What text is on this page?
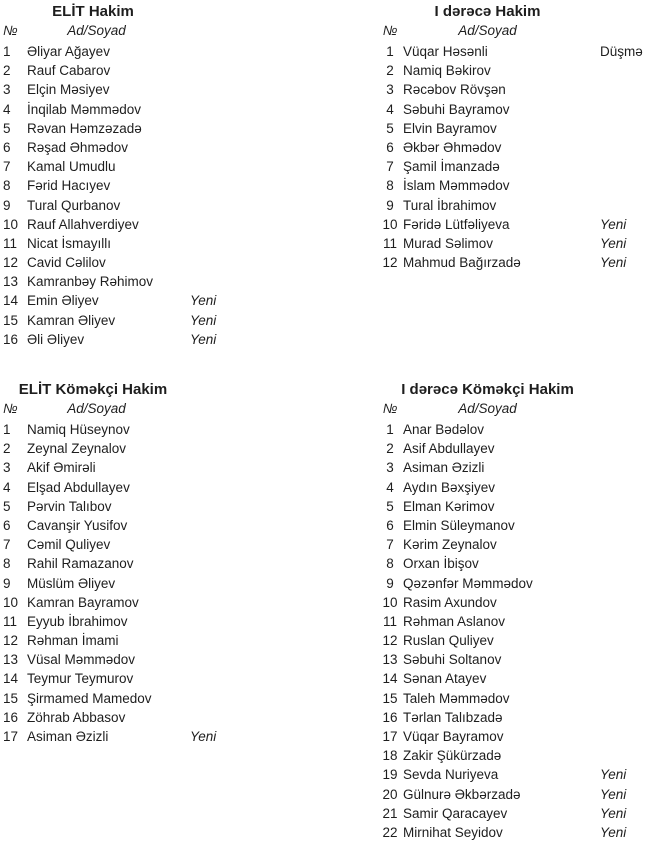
ELİT Hakim
№	Ad/Soyad
1	Əliyar Ağayev
2	Rauf Cabarov
3	Elçin Məsiyev
4	İnqilab Məmmədov
5	Rəvan Həmzəzadə
6	Rəşad Əhmədov
7	Kamal Umudlu
8	Fərid Hacıyev
9	Tural Qurbanov
10 Rauf Allahverdiyev
11 Nicat İsmayıllı
12 Cavid Cəlilov
13 Kamranbəy Rəhimov
14 Emin Əliyev	Yeni
15 Kamran Əliyev	Yeni
16 Əli Əliyev	Yeni
I dərəcə Hakim
№	Ad/Soyad
1 Vüqar Həsənli	Düşmə
2 Namiq Bəkirov
3 Rəcəbov Rövşən
4 Səbuhi Bayramov
5 Elvin Bayramov
6 Əkbər Əhmədov
7 Şamil İmanzadə
8 İslam Məmmədov
9 Tural İbrahimov
10 Fəridə Lütfəliyeva	Yeni
11 Murad Səlimov	Yeni
12 Mahmud Bağırzadə	Yeni
ELİT Köməkçi Hakim
№	Ad/Soyad
1	Namiq Hüseynov
2	Zeynal Zeynalov
3	Akif Əmirəli
4	Elşad Abdullayev
5	Pərvin Talıbov
6	Cavanşir Yusifov
7	Cəmil Quliyev
8	Rahil Ramazanov
9	Müslüm Əliyev
10 Kamran Bayramov
11 Eyyub İbrahimov
12 Rəhman İmami
13 Vüsal Məmmədov
14 Teymur Teymurov
15 Şirmamed Mamedov
16 Zöhrab Abbasov
17 Asiman Əzizli	Yeni
I dərəcə Köməkçi Hakim
№	Ad/Soyad
1 Anar Bədəlov
2 Asif Abdullayev
3 Asiman Əzizli
4 Aydın Bəxşiyev
5 Elman Kərimov
6 Elmin Süleymanov
7 Kərim Zeynalov
8 Orxan İbişov
9 Qəzənfər Məmmədov
10 Rasim Axundov
11 Rəhman Aslanov
12 Ruslan Quliyev
13 Səbuhi Soltanov
14 Sənan Atayev
15 Taleh Məmmədov
16 Tərlan Talıbzadə
17 Vüqar Bayramov
18 Zakir Şükürzadə
19 Sevda Nuriyeva	Yeni
20 Gülnurə Əkbərzadə	Yeni
21 Samir Qaracayev	Yeni
22 Mirnihat Seyidov	Yeni
